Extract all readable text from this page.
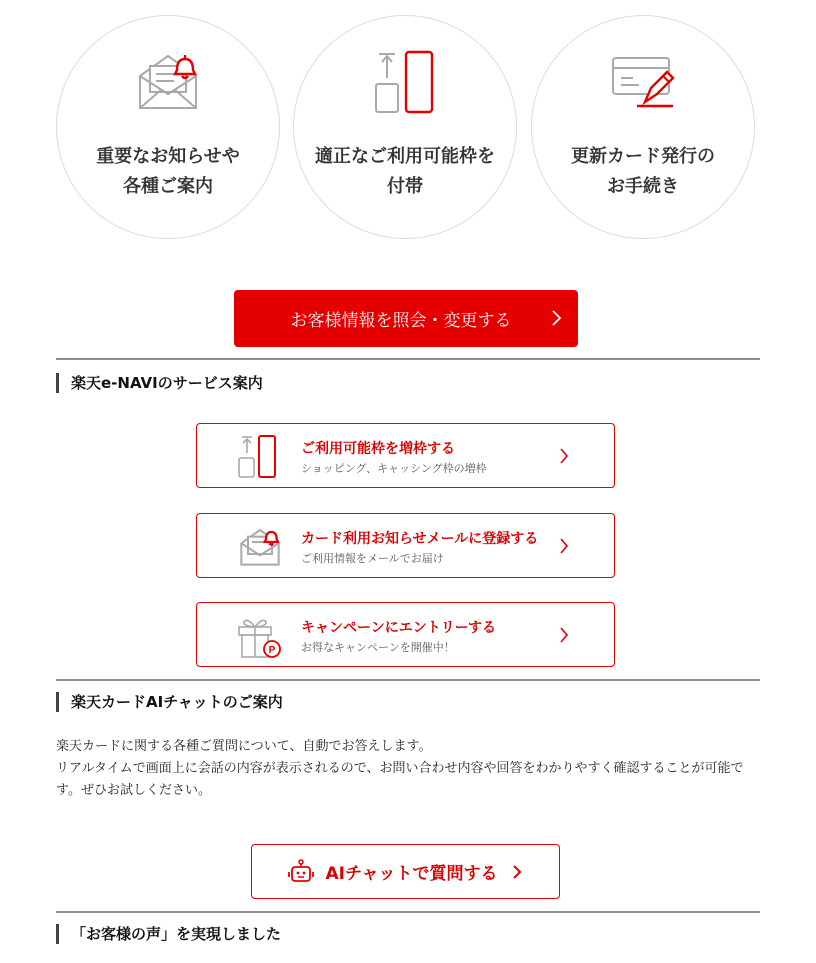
重要なお知らせや
各種ご案内
適正なご利用可能枠を
付帯
更新カード発行の
お手続き
お客様情報を照会・変更する
楽天e-NAVIのサービス案内
ご利用可能枠を増枠する
ショッピング、キャッシング枠の増枠
カード利用お知らせメールに登録する
ご利用情報をメールでお届け
P
キャンペーンにエントリーする
お得なキャンペーンを開催中！
楽天カードAIチャットのご案内
楽天カードに関する各種ご質問について、自動でお答えします。
リアルタイムで画面上に会話の内容が表示されるので、お問い合わせ内容や回答をわかりやすく確認することが可能です。ぜひお試しください。
AIチャットで質問する
「お客様の声」を実現しました
